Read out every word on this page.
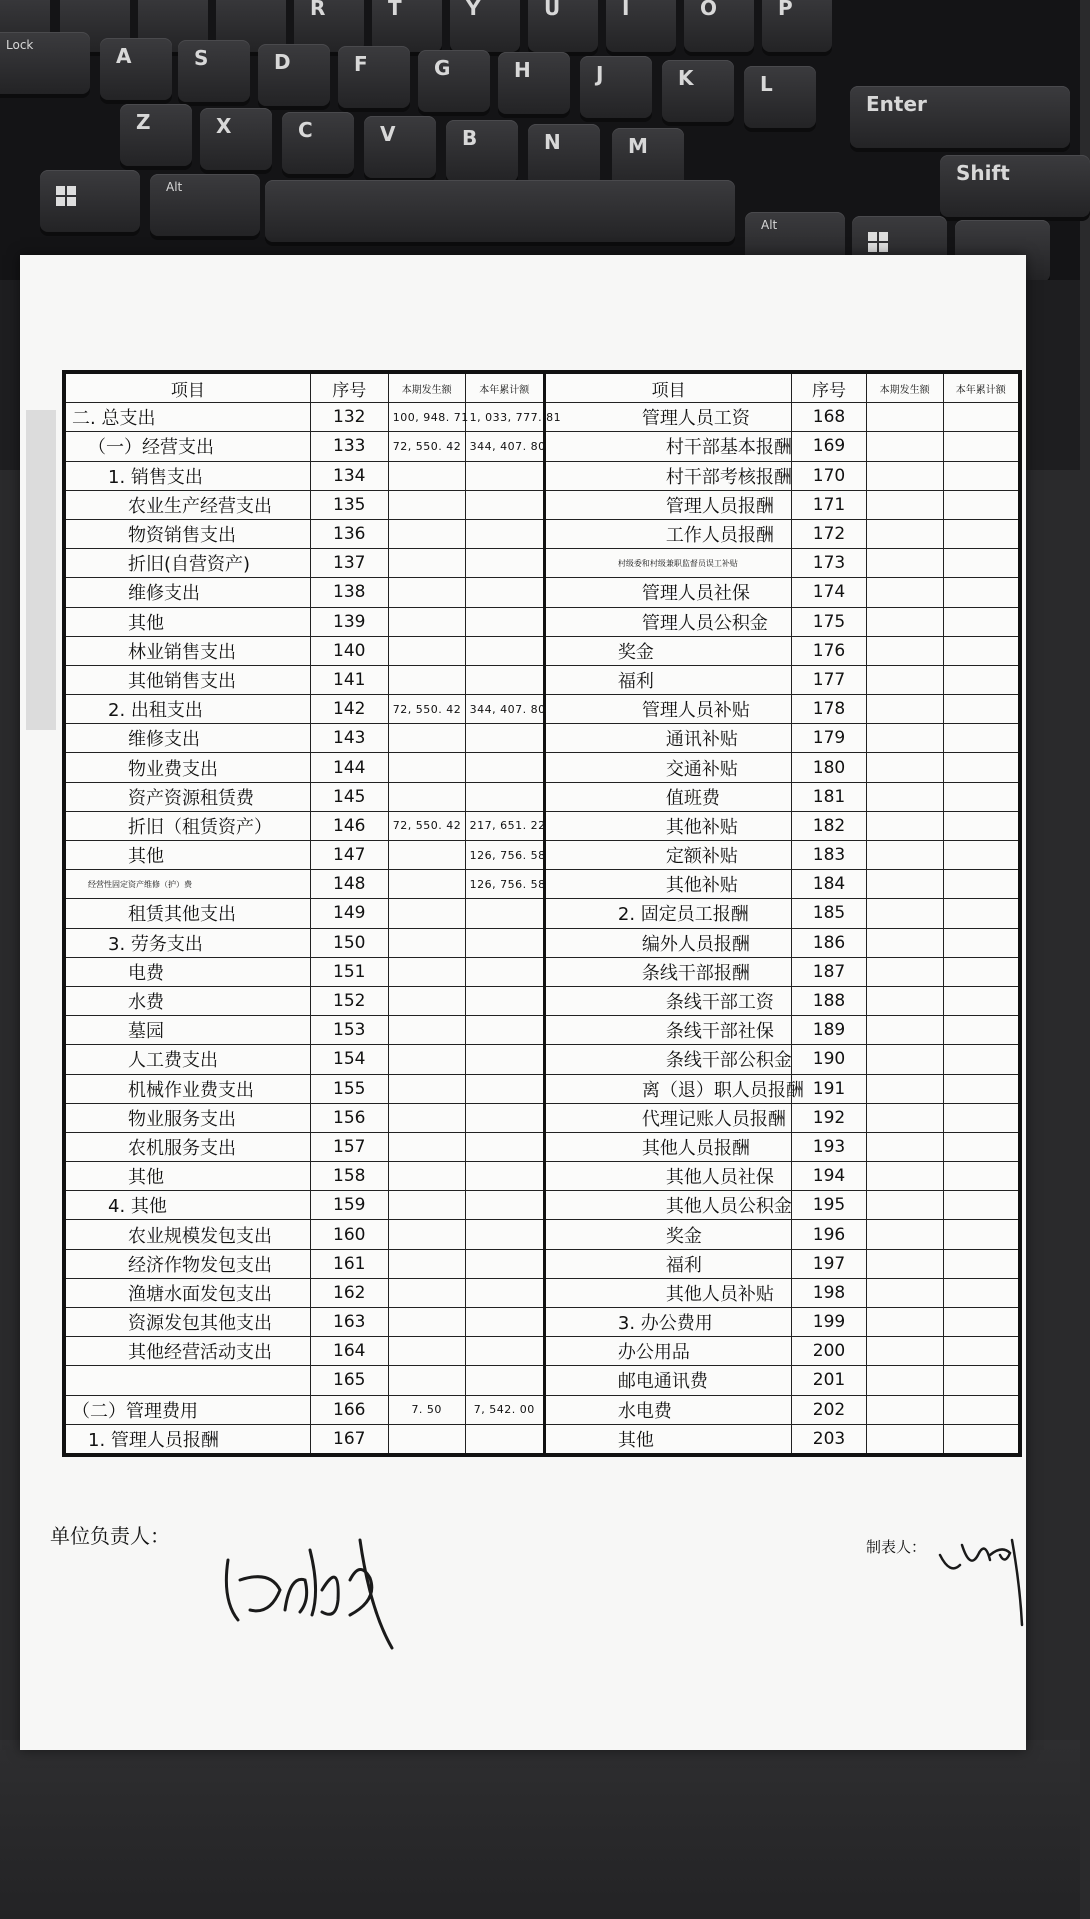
R	T	Y	U	I	O	P
Lock	A	S	D	F	G	H	J	K	L
Z	X	C	V	B	N	M
Enter
Shift
Alt
Alt
项目	序号	本期发生额	本年累计额	项目	序号	本期发生额	本年累计额
二. 总支出	132	100, 948. 71	1, 033, 777. 81	管理人员工资	168		
（一）经营支出	133	72, 550. 42	344, 407. 80	村干部基本报酬	169		
1. 销售支出	134			村干部考核报酬	170		
农业生产经营支出	135			管理人员报酬	171		
物资销售支出	136			工作人员报酬	172		
折旧(自营资产)	137			村级委和村级兼职监督员误工补贴	173		
维修支出	138			管理人员社保	174		
其他	139			管理人员公积金	175		
林业销售支出	140			奖金	176		
其他销售支出	141			福利	177		
2. 出租支出	142	72, 550. 42	344, 407. 80	管理人员补贴	178		
维修支出	143			通讯补贴	179		
物业费支出	144			交通补贴	180		
资产资源租赁费	145			值班费	181		
折旧（租赁资产）	146	72, 550. 42	217, 651. 22	其他补贴	182		
其他	147		126, 756. 58	定额补贴	183		
经营性固定资产维修（护）费	148		126, 756. 58	其他补贴	184		
租赁其他支出	149			2. 固定员工报酬	185		
3. 劳务支出	150			编外人员报酬	186		
电费	151			条线干部报酬	187		
水费	152			条线干部工资	188		
墓园	153			条线干部社保	189		
人工费支出	154			条线干部公积金	190		
机械作业费支出	155			离（退）职人员报酬	191		
物业服务支出	156			代理记账人员报酬	192		
农机服务支出	157			其他人员报酬	193		
其他	158			其他人员社保	194		
4. 其他	159			其他人员公积金	195		
农业规模发包支出	160			奖金	196		
经济作物发包支出	161			福利	197		
渔塘水面发包支出	162			其他人员补贴	198		
资源发包其他支出	163			3. 办公费用	199		
其他经营活动支出	164			办公用品	200		
	165			邮电通讯费	201		
（二）管理费用	166	7. 50	7, 542. 00	水电费	202		
1. 管理人员报酬	167			其他	203		
单位负责人：	制表人：
